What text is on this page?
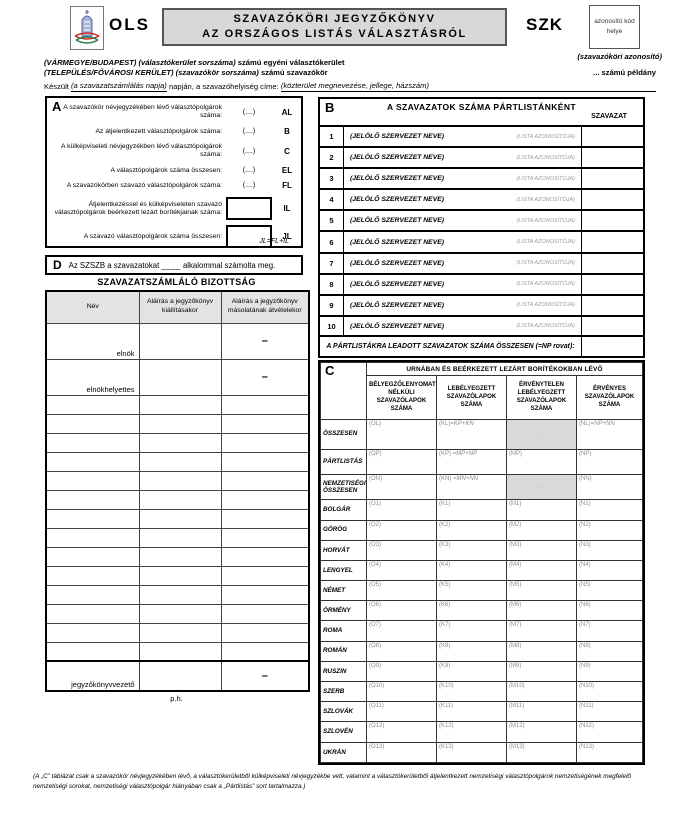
OLS	SZAVAZÓKÖRI JEGYZŐKÖNYV
AZ ORSZÁGOS LISTÁS VÁLASZTÁSRÓL	SZK	azonosító kód helye
(szavazóköri azonosító)
(VÁRMEGYE/BUDAPEST) (választókerület sorszáma) számú egyéni választókerület
(TELEPÜLÉS/FŐVÁROSI KERÜLET) (szavazókör sorszáma) számú szavazókör	... számú példány
Készült
(a szavazatszámlálás napja)
napján, a szavazóhelyiség címe:
(közterület megnevezése, jellege, házszám)
A A szavazókör névjegyzékében lévő választópolgárok száma:	(....)	AL
Az átjelentkezett választópolgárok száma:	(....)	B
A külképviseleti névjegyzékben lévő választópolgárok száma:	(....)	C
A választópolgárok száma összesen:	(....)	EL
A szavazókörben szavazó választópolgárok száma:	(....)	FL
Átjelentkezéssel és külképviseleten szavazó választópolgárok beérkezett lezárt borítékjainak száma:	IL
A szavazó választópolgárok száma összesen:	JL
JL=FL+IL
D Az SZSZB a szavazatokat ____ alkalommal számolta meg.
SZAVAZATSZÁMLÁLÓ BIZOTTSÁG
Név	Aláírás a jegyzőkönyv kiállításakor	Aláírás a jegyzőkönyv másolatának átvételekor
elnök		–
elnökhelyettes		–

jegyzőkönyvvezető		–
p.h.
B	A SZAVAZATOK SZÁMA PÁRTLISTÁNKÉNT
SZAVAZAT
1	(JELÖLŐ SZERVEZET NEVE)	(LISTA AZONOSÍTÓJA)
2	(JELÖLŐ SZERVEZET NEVE)	(LISTA AZONOSÍTÓJA)
3	(JELÖLŐ SZERVEZET NEVE)	(LISTA AZONOSÍTÓJA)
4	(JELÖLŐ SZERVEZET NEVE)	(LISTA AZONOSÍTÓJA)
5	(JELÖLŐ SZERVEZET NEVE)	(LISTA AZONOSÍTÓJA)
6	(JELÖLŐ SZERVEZET NEVE)	(LISTA AZONOSÍTÓJA)
7	(JELÖLŐ SZERVEZET NEVE)	(LISTA AZONOSÍTÓJA)
8	(JELÖLŐ SZERVEZET NEVE)	(LISTA AZONOSÍTÓJA)
9	(JELÖLŐ SZERVEZET NEVE)	(LISTA AZONOSÍTÓJA)
10	(JELÖLŐ SZERVEZET NEVE)	(LISTA AZONOSÍTÓJA)
A PÁRTLISTÁKRA LEADOTT SZAVAZATOK SZÁMA ÖSSZESEN (=NP rovat):
C	URNÁBAN ÉS BEÉRKEZETT LEZÁRT BORÍTÉKOKBAN LÉVŐ			
	BÉLYEGZŐLENYOMAT NÉLKÜLI SZAVAZÓLAPOK SZÁMA	LEBÉLYEGZETT SZAVAZÓLAPOK SZÁMA	ÉRVÉNYTELEN LEBÉLYEGZETT SZAVAZÓLAPOK SZÁMA	ÉRVÉNYES SZAVAZÓLAPOK SZÁMA
ÖSSZESEN	(OL)	(KL)=KP+KN	.	(NL)=NP+NN
PÁRTLISTÁS	(OP)	(KP) =MP+NP	(MP)	(NP)
NEMZETISÉGI ÖSSZESEN	(ON)	(KN) =MN+NN	.	(NN)
BOLGÁR	(O1)	(K1)	(M1)	(N1)
GÖRÖG	(O2)	(K2)	(M2)	(N2)
HORVÁT	(O3)	(K3)	(M3)	(N3)
LENGYEL	(O4)	(K4)	(M4)	(N4)
NÉMET	(O5)	(K5)	(M5)	(N5)
ÖRMÉNY	(O6)	(K6)	(M6)	(N6)
ROMA	(O7)	(K7)	(M7)	(N7)
ROMÁN	(O8)	(K8)	(M8)	(N8)
RUSZIN	(O9)	(K9)	(M9)	(N9)
SZERB	(O10)	(K10)	(M10)	(N10)
SZLOVÁK	(O11)	(K11)	(M11)	(N11)
SZLOVÉN	(O12)	(K12)	(M12)	(N12)
UKRÁN	(O13)	(K13)	(M13)	(N13)
(A „C” táblázat csak a szavazókör névjegyzékében lévő, a választókerületből külképviseleti névjegyzékbe vett, valamint a választókerületből átjelentkezett nemzetiségi választópolgárok nemzetiségének megfelelő nemzetiségi sorokat, nemzetiségi választópolgár hiányában csak a „Pártlistás” sort tartalmazza.)
